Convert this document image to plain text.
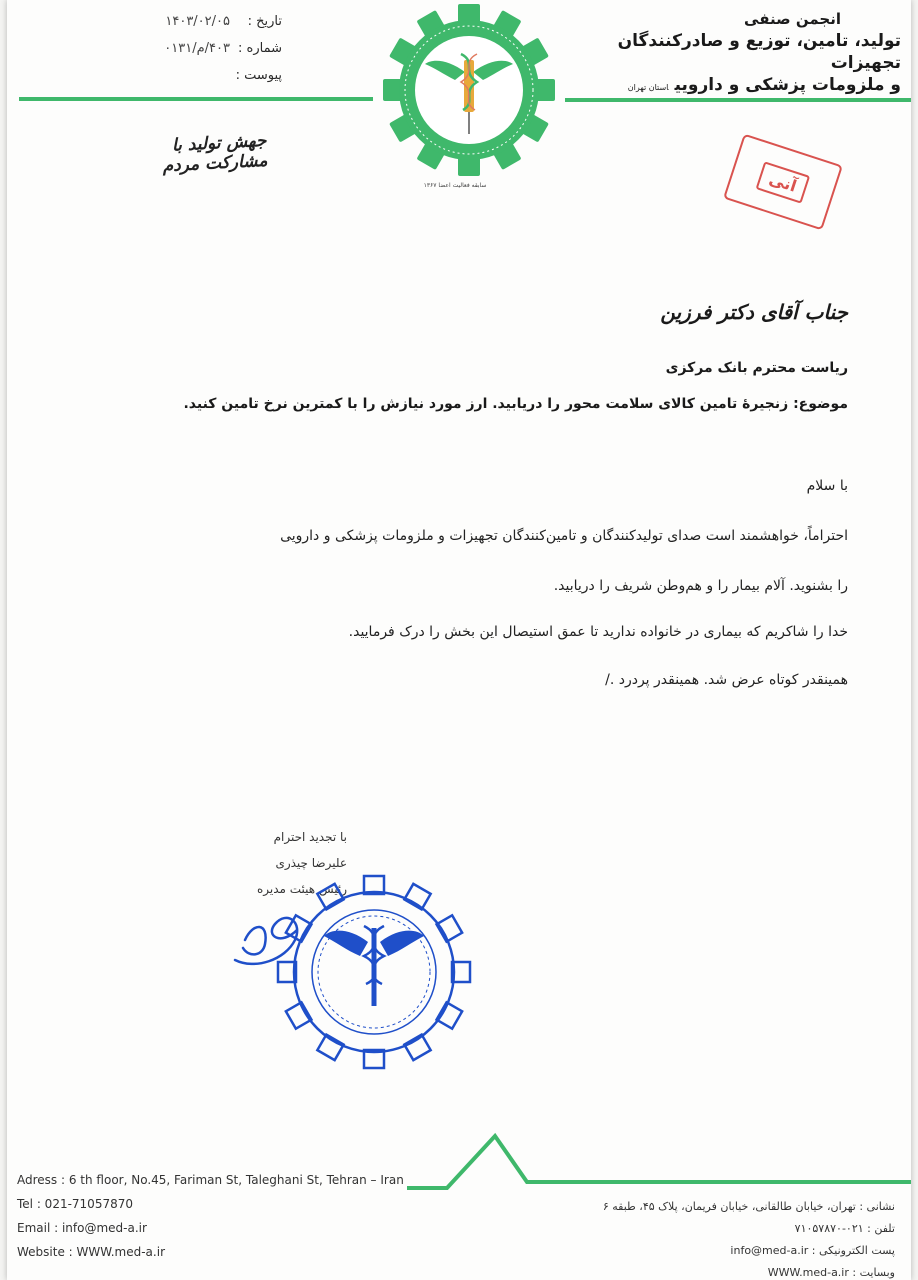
انجمن صنفی
تولید، تامین، توزیع و صادرکنندگان تجهیزات
و ملزومات پزشکی و داروییاستان تهران
تاریخ :
۱۴۰۳/۰۲/۰۵
شماره :
۴۰۳/م/۰۱۳۱
پیوست :
سابقه فعالیت اعضا ۱۳۶۷
جهش تولید با مشارکت مردم
آنی
جناب آقای دکتر فرزین
ریاست محترم بانک مرکزی
موضوع: زنجیرهٔ تامین کالای سلامت محور را دریابید. ارز مورد نیازش را با کمترین نرخ تامین کنید.
با سلام
احتراماً، خواهشمند است صدای تولیدکنندگان و تامین‌کنندگان تجهیزات و ملزومات پزشکی و دارویی
را بشنوید. آلام بیمار را و هم‌وطن شریف را دریابید.
خدا را شاکریم که بیماری در خانواده ندارید تا عمق استیصال این بخش را درک فرمایید.
همینقدر کوتاه عرض شد. همینقدر پردرد ./
با تجدید احترام
علیرضا چیذری
رئیس هیئت مدیره
Adress : 6 th floor, No.45, Fariman St, Taleghani St, Tehran – Iran
Tel : 021-71057870
Email : info@med-a.ir
Website : WWW.med-a.ir
نشانی : تهران، خیابان طالقانی، خیابان فریمان، پلاک ۴۵، طبقه ۶
تلفن : ۰۲۱-۷۱۰۵۷۸۷۰
پست الکترونیکی : info@med-a.ir
وبسایت : WWW.med-a.ir
